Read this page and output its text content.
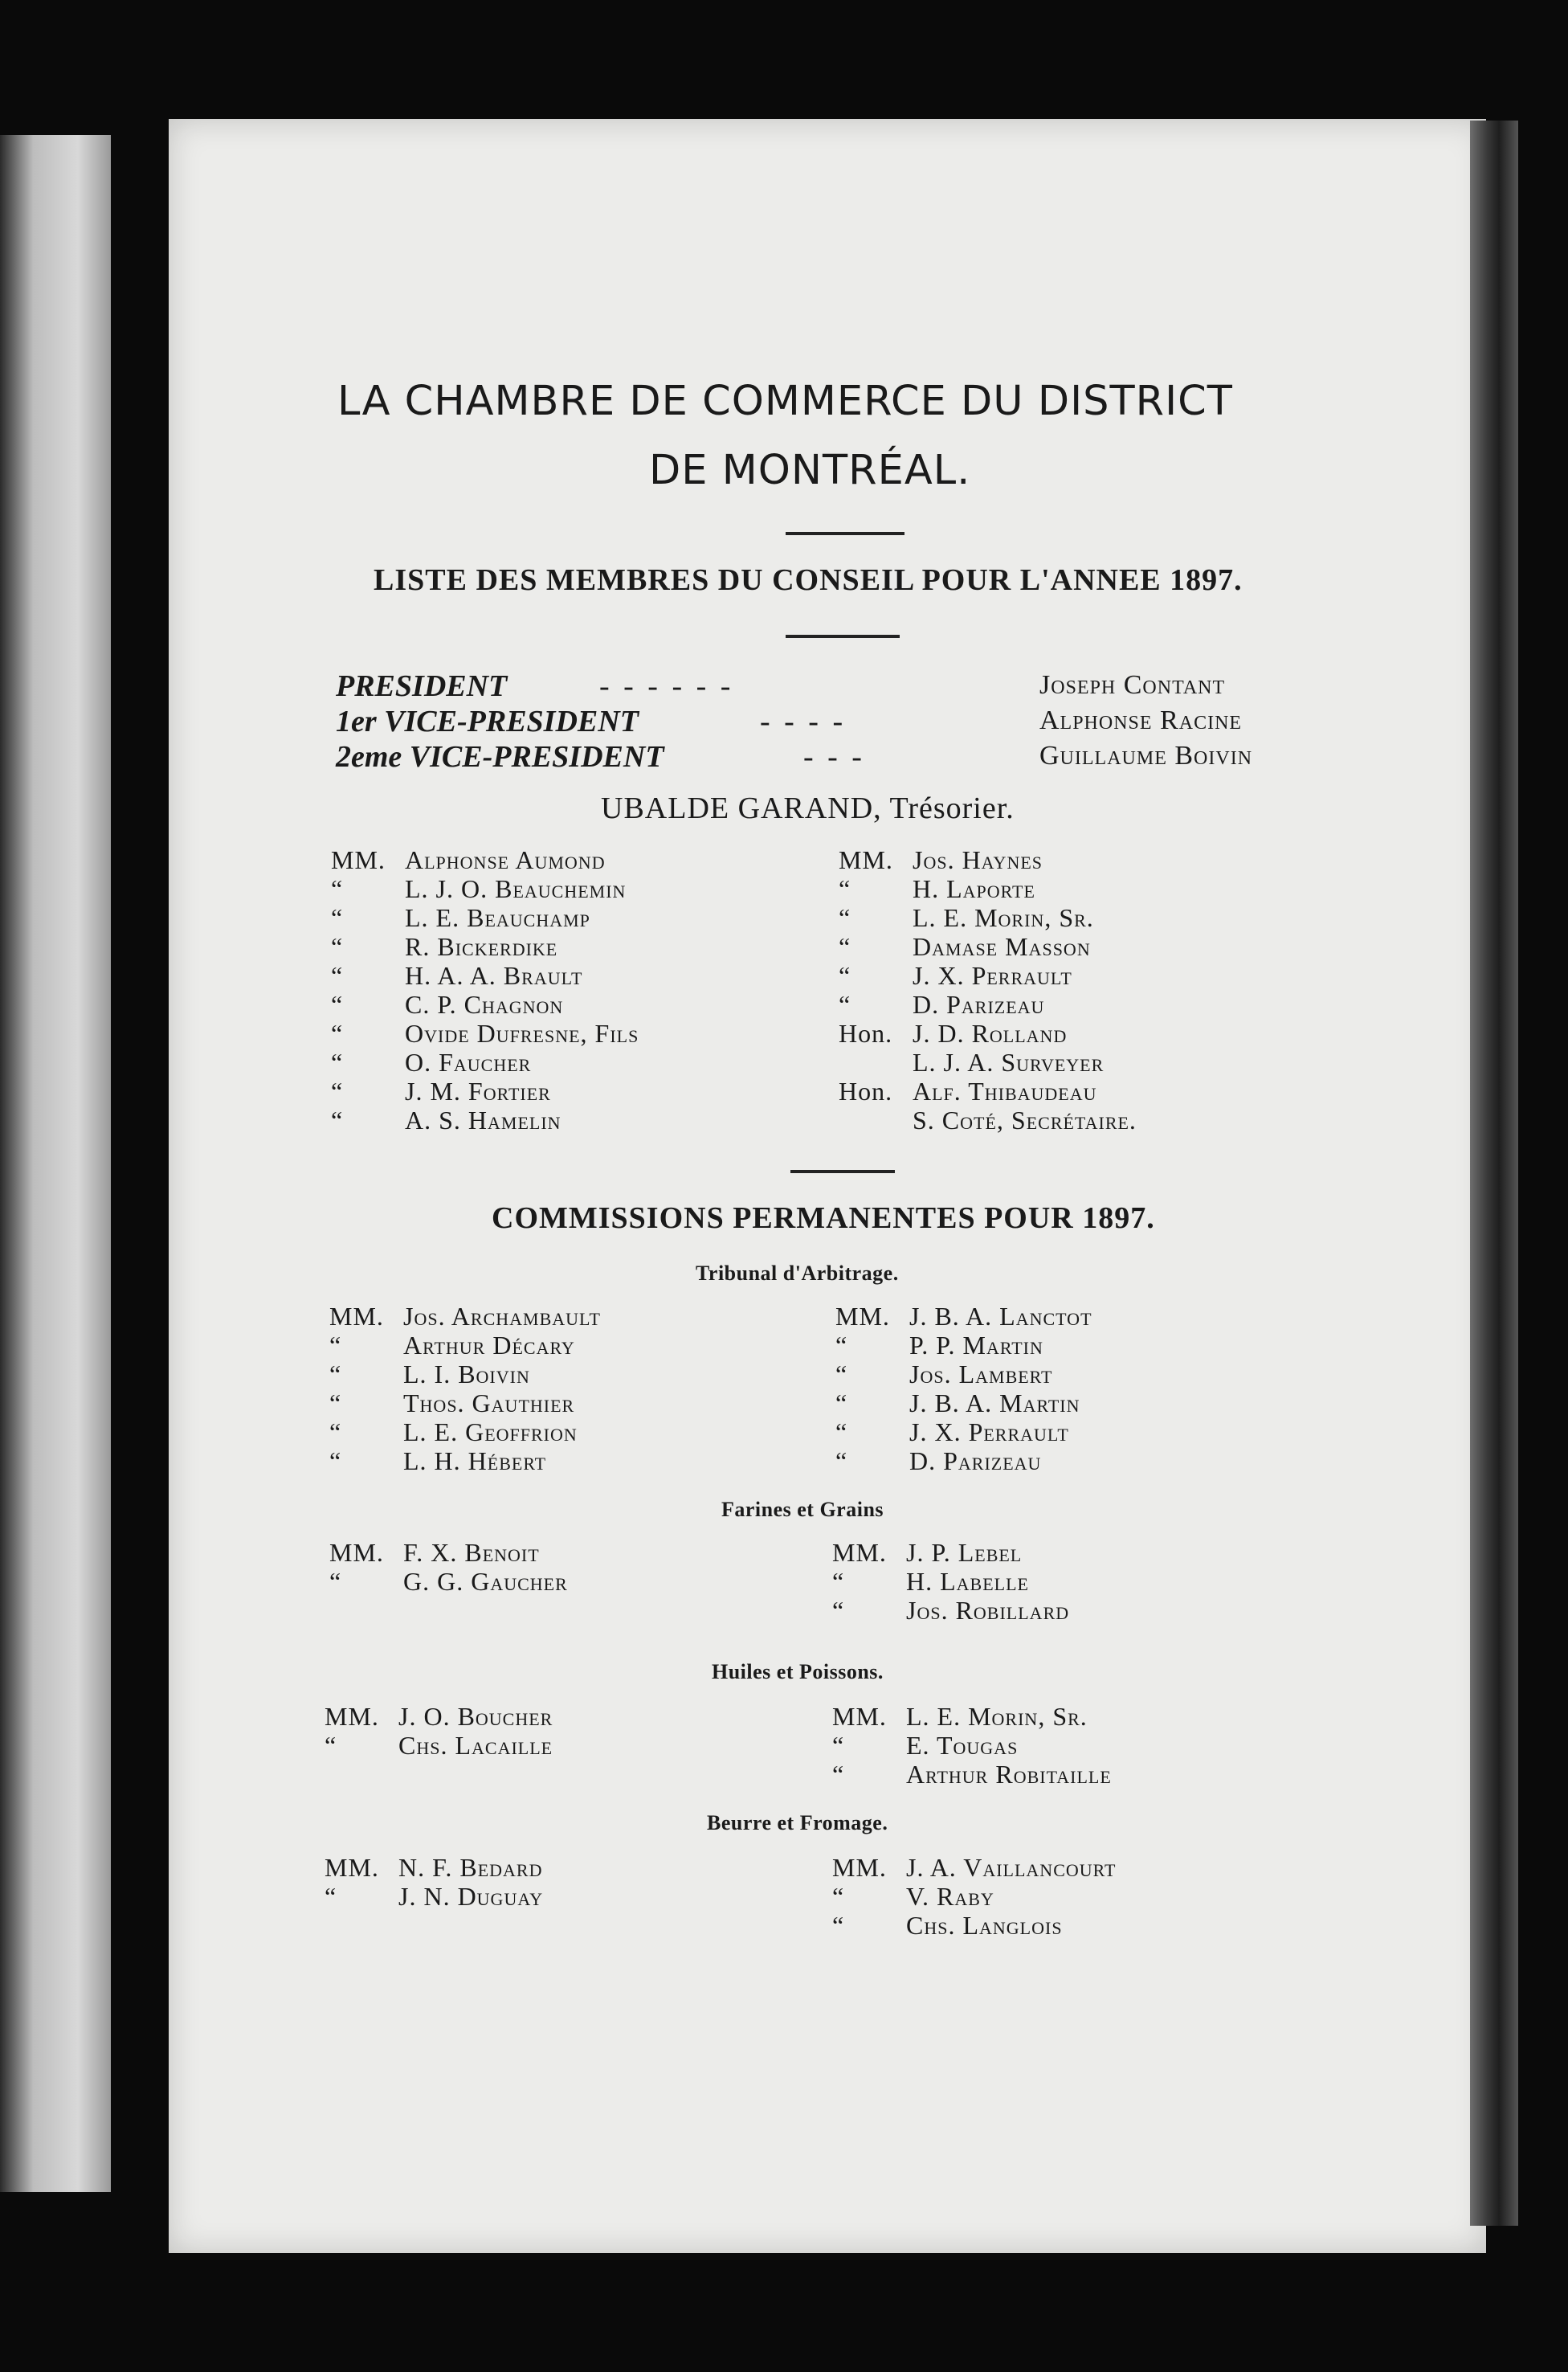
LA CHAMBRE DE COMMERCE DU DISTRICT
DE MONTRÉAL.
LISTE DES MEMBRES DU CONSEIL POUR L'ANNEE 1897.
PRESIDENT	- - - - - -	Joseph Contant
1er VICE-PRESIDENT	- - - -	Alphonse Racine
2eme VICE-PRESIDENT	- - -	Guillaume Boivin
UBALDE GARAND, Trésorier.
MM. Alphonse Aumond
“	L. J. O. Beauchemin
“	L. E. Beauchamp
“	R. Bickerdike
“	H. A. A. Brault
“	C. P. Chagnon
“	Ovide Dufresne, Fils
“	O. Faucher
“	J. M. Fortier
“	A. S. Hamelin
MM. Jos. Haynes
“	H. Laporte
“	L. E. Morin, Sr.
“	Damase Masson
“	J. X. Perrault
“	D. Parizeau
Hon. J. D. Rolland
L. J. A. Surveyer
Hon. Alf. Thibaudeau
S. Coté, Secrétaire.
COMMISSIONS PERMANENTES POUR 1897.
Tribunal d'Arbitrage.
MM. Jos. Archambault
“	Arthur Décary
“	L. I. Boivin
“	Thos. Gauthier
“	L. E. Geoffrion
“	L. H. Hébert
MM. J. B. A. Lanctot
“	P. P. Martin
“	Jos. Lambert
“	J. B. A. Martin
“	J. X. Perrault
“	D. Parizeau
Farines et Grains
MM. F. X. Benoit
“	G. G. Gaucher
MM. J. P. Lebel
“	H. Labelle
“	Jos. Robillard
Huiles et Poissons.
MM. J. O. Boucher
“	Chs. Lacaille
MM. L. E. Morin, Sr.
“	E. Tougas
“	Arthur Robitaille
Beurre et Fromage.
MM. N. F. Bedard
“	J. N. Duguay
MM. J. A. Vaillancourt
“	V. Raby
“	Chs. Langlois
